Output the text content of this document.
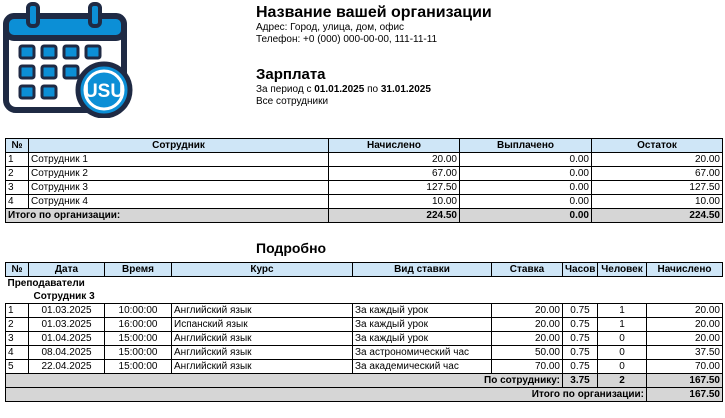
USU
Название вашей организации
Адрес: Город, улица, дом, офис
Телефон: +0 (000) 000-00-00, 111-11-11
Зарплата
За период с 01.01.2025 по 31.01.2025
Все сотрудники
№	Сотрудник	Начислено	Выплачено	Остаток
1	Сотрудник 1	20.00	0.00	20.00
2	Сотрудник 2	67.00	0.00	67.00
3	Сотрудник 3	127.50	0.00	127.50
4	Сотрудник 4	10.00	0.00	10.00
Итого по организации:		224.50	0.00	224.50
Подробно
№	Дата	Время	Курс	Вид ставки	Ставка	Часов	Человек	Начислено
Преподаватели								
Сотрудник 3								
1	01.03.2025	10:00:00	Английский язык	За каждый урок	20.00	0.75	1	20.00
2	01.03.2025	16:00:00	Испанский язык	За каждый урок	20.00	0.75	1	20.00
3	01.04.2025	15:00:00	Английский язык	За каждый урок	20.00	0.75	0	20.00
4	08.04.2025	15:00:00	Английский язык	За астрономический час	50.00	0.75	0	37.50
5	22.04.2025	15:00:00	Английский язык	За академический час	70.00	0.75	0	70.00
По сотруднику:						3.75	2	167.50
Итого по организации:								167.50
